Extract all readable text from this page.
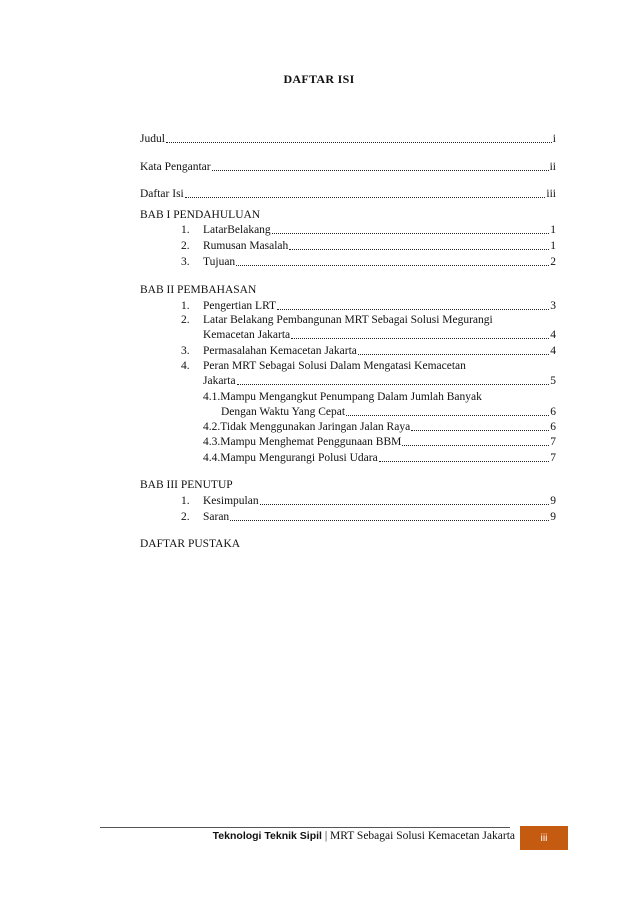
DAFTAR ISI
Judul	i
Kata Pengantar	ii
Daftar Isi	iii
BAB I PENDAHULUAN
1.	LatarBelakang	1
2.	Rumusan Masalah	1
3.	Tujuan	2
BAB II PEMBAHASAN
1.	Pengertian LRT	3
2. Latar Belakang Pembangunan MRT Sebagai Solusi Megurangi
Kemacetan Jakarta	4
3.	Permasalahan Kemacetan Jakarta	4
4. Peran MRT Sebagai Solusi Dalam Mengatasi Kemacetan
Jakarta	5
4.1.Mampu Mengangkut Penumpang Dalam Jumlah Banyak
Dengan Waktu Yang Cepat	6
4.2.Tidak Menggunakan Jaringan Jalan Raya	6
4.3.Mampu Menghemat Penggunaan BBM	7
4.4.Mampu Mengurangi Polusi Udara	7
BAB III PENUTUP
1.	Kesimpulan	9
2.	Saran	9
DAFTAR PUSTAKA
Teknologi Teknik Sipil | MRT Sebagai Solusi Kemacetan Jakarta iii
